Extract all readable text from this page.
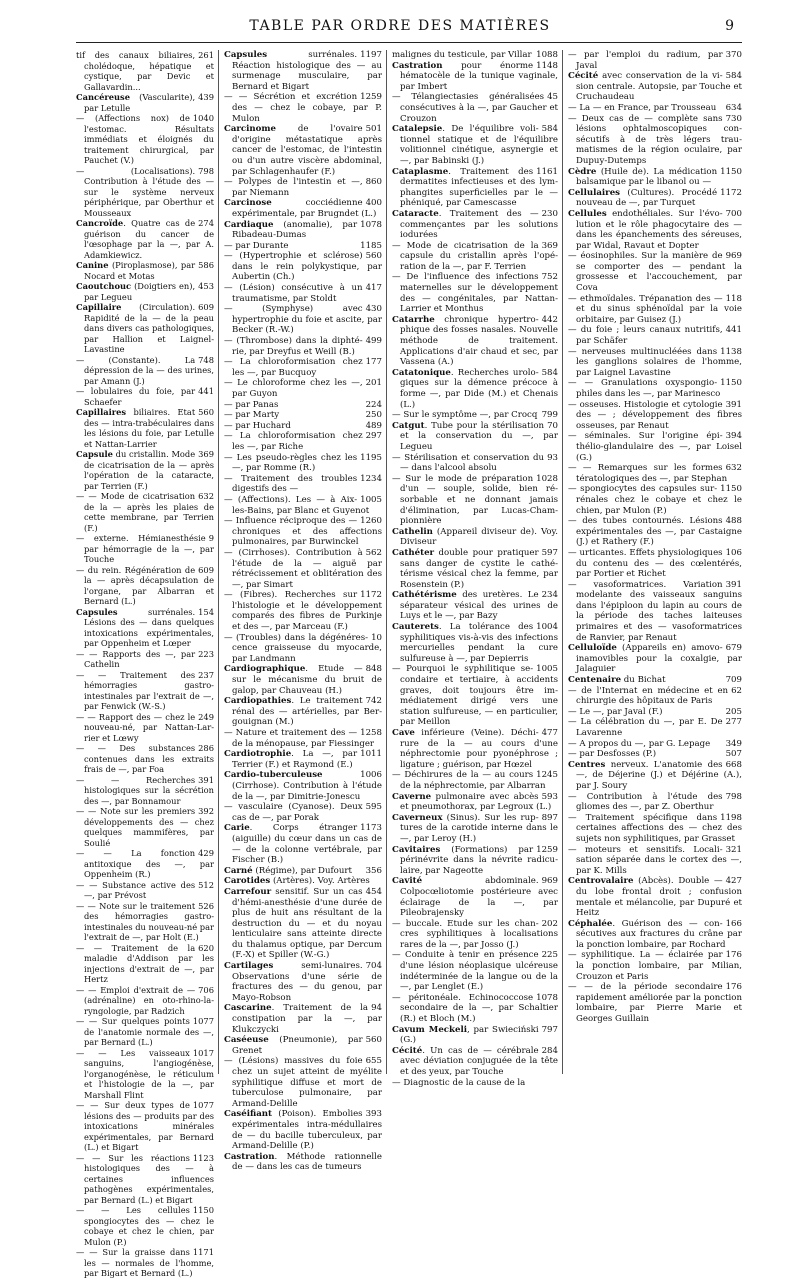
TABLE PAR ORDRE DES MATIÈRES	9
261
tif des canaux biliaires, cholédoque, hépatique et cystique, par Devic et Gallavardin...
439
Cancéreuse (Vascularite), par Letulle
1040
— (Affections nox) de l'estomac. Résultats immédiats et éloignés du traitement chirurgical, par Pauchet (V.)
798
— (Localisations). Contribution à l'étude des — sur le système nerveux périphérique, par Oberthur et Mousseaux
274
Cancroïde. Quatre cas de guérison du cancer de l'œsophage par la —, par A. Adamkiewicz.
586
Canine (Piroplasmose), par Nocard et Motas
453
Caoutchouc (Doigtiers en), par Legueu
609
Capillaire (Circulation). Rapidité de la — de la peau dans divers cas pathologiques, par Hallion et Laignel-Lavastine
748
— (Constante). La dépression de la — des urines, par Amann (J.)
441
— lobulaires du foie, par Schaefer
560
Capillaires biliaires. Etat des — intra-trabéculaires dans les lésions du foie, par Letulle et Nattan-Larrier
369
Capsule du cristallin. Mode de cicatrisation de la — après l'opération de la cataracte, par Terrien (F.)
632
— — Mode de cicatrisation de la — après les plaies de cette membrane, par Terrien (F.)
9
— externe. Hémianesthésie par hémorragie de la —, par Touche
609
— du rein. Régénération de la — après décapsulation de l'organe, par Albarran et Bernard (L.)
154
Capsules surrénales. Lésions des — dans quelques intoxications expérimentales, par Oppenheim et Lœper
223
— — Rapports des —, par Cathelin
237
— — Traitement des hémorragies gastro-intestinales par l'extrait de —, par Fenwick (W.-S.)
249
— — Rapport des — chez le nouveau-né, par Nattan-Larrier et Lœwy
286
— — Des substances contenues dans les extraits frais de —, par Foa
391
— — Recherches histologiques sur la sécrétion des —, par Bonnamour
392
— — Note sur les premiers développements des — chez quelques mammifères, par Soulié
429
— — La fonction antitoxique des —, par Oppenheim (R.)
512
— — Substance active des —, par Prévost
526
— — Note sur le traitement des hémorragies gastro-intestinales du nouveau-né par l'extrait de —, par Holt (E.)
620
— — Traitement de la maladie d'Addison par les injections d'extrait de —, par Hertz
706
— — Emploi d'extrait de — (adrénaline) en oto-rhino-laryngologie, par Radzich
1077
— — Sur quelques points de l'anatomie normale des —, par Bernard (L.)
1017
— — Les vaisseaux sanguins, l'angiogénèse, l'organogénèse, le réticulum et l'histologie de la —, par Marshall Flint
1077
— — Sur deux types de lésions des — produits par des intoxications minérales expérimentales, par Bernard (L.) et Bigart
1123
— — Sur les réactions histologiques des — à certaines influences pathogènes expérimentales, par Bernard (L.) et Bigart
1150
— — Les cellules spongiocytes des — chez le cobaye et chez le chien, par Mulon (P.)
1171
— — Sur la graisse dans les — normales de l'homme, par Bigart et Bernard (L.)
1197
Capsules surrénales. Réaction histologique des — au surmenage musculaire, par Bernard et Bigart
1259
— — Sécrétion et excrétion des — chez le cobaye, par P. Mulon
501
Carcinome de l'ovaire d'origine métastatique après cancer de l'estomac, de l'intestin ou d'un autre viscère abdominal, par Schlagenhaufer (F.)
860
— Polypes de l'intestin et —, par Niemann
400
Carcinose cocciédienne expérimentale, par Brugndet (L.)
1078
Cardiaque (anomalie), par Ribadeau-Dumas
1185
— par Durante
560
— (Hypertrophie et sclérose) dans le rein polykystique, par Aubertin (Ch.)
417
— (Lésion) consécutive à un traumatisme, par Stoldt
430
— (Symphyse) avec hypertrophie du foie et ascite, par Becker (R.-W.)
499
— (Thrombose) dans la diphtérie, par Dreyfus et Weill (B.)
177
— La chloroformisation chez les —, par Bucquoy
201
— Le chloroforme chez les —, par Guyon
224
— par Panas
250
— par Marty
489
— par Huchard
297
— La chloroformisation chez les —, par Riche
1195
— Les pseudo-règles chez les —, par Romme (R.)
1234
— Traitement des troubles digestifs des —
1005
— (Affections). Les — à Aix-les-Bains, par Blanc et Guyenot
1260
— Influence réciproque des — chroniques et des affections pulmonaires, par Burwinckel
562
— (Cirrhoses). Contribution à l'étude de la — aiguë par rétrécissement et oblitération des —, par Simart
1172
— (Fibres). Recherches sur l'histologie et le développement comparés des fibres de Purkinje et des —, par Marceau (F.)
10
— (Troubles) dans la dégénérescence graisseuse du myocarde, par Landmann
848
Cardiographique. Etude — sur le mécanisme du bruit de galop, par Chauveau (H.)
742
Cardiopathies. Le traitement rénal des — artérielles, par Bergouignan (M.)
1258
— Nature et traitement des — de la ménopause, par Fiessinger
1011
Cardiotrophie. La —, par Terrier (F.) et Raymond (E.)
1006
Cardio-tuberculeuse (Cirrhose). Contribution à l'étude de la —, par Dimitrie-Jonescu
595
— vasculaire (Cyanose). Deux cas de —, par Porak
1173
Carie. Corps étranger (aiguille) du cœur dans un cas de — de la colonne vertébrale, par Fischer (B.)
356
Carné (Régime), par Dufourt
Carotides (Artères). Voy. Artères
454
Carrefour sensitif. Sur un cas d'hémi-anesthésie d'une durée de plus de huit ans résultant de la destruction du — et du noyau lenticulaire sans atteinte directe du thalamus optique, par Dercum (F.-X) et Spiller (W.-G.)
704
Cartilages semi-lunaires. Observations d'une série de fractures des — du genou, par Mayo-Robson
94
Cascarine. Traitement de la constipation par la —, par Klukczycki
560
Caséeuse (Pneumonie), par Grenet
655
— (Lésions) massives du foie chez un sujet atteint de myélite syphilitique diffuse et mort de tuberculose pulmonaire, par Armand-Delille
393
Caséifiant (Poison). Embolies expérimentales intra-médullaires de — du bacille tuberculeux, par Armand-Delille (P.)
Castration. Méthode rationnelle de — dans les cas de tumeurs
1088
malignes du testicule, par Villar
1148
Castration pour énorme hématocèle de la tunique vaginale, par Imbert
45
— Télangiectasies généralisées consécutives à la —, par Gaucher et Crouzon
584
Catalepsie. De l'équilibre volitionnel statique et de l'équilibre volitionnel cinétique, asynergie et —, par Babinski (J.)
1161
Cataplasme. Traitement des dermatites infectieuses et des lymphangites superficielles par le — phéniqué, par Camescasse
230
Cataracte. Traitement des — commençantes par les solutions iodurées
369
— Mode de cicatrisation de la capsule du cristallin après l'opération de la —, par F. Terrien
752
— De l'influence des infections maternelles sur le développement des — congénitales, par Nattan-Larrier et Monthus
442
Catarrhe chronique hypertrophique des fosses nasales. Nouvelle méthode de traitement. Applications d'air chaud et sec, par Vassena (A.)
584
Catatonique. Recherches urologiques sur la démence précoce à forme —, par Dide (M.) et Chenais (L.)
799
— Sur le symptôme —, par Crocq
70
Catgut. Tube pour la stérilisation et la conservation du —, par Legueu
93
— Stérilisation et conservation du — dans l'alcool absolu
1028
— Sur le mode de préparation d'un — souple, solide, bien résorbable et ne donnant jamais d'élimination, par Lucas-Championnière
Cathelin (Appareil diviseur de). Voy. Diviseur
597
Cathéter double pour pratiquer sans danger de cystite le cathétérisme vésical chez la femme, par Rosenstein (P.)
234
Cathétérisme des uretères. Le séparateur vésical des urines de Luys et le —, par Bazy
1004
Cauterets. La tolérance des syphilitiques vis-à-vis des infections mercurielles pendant la cure sulfureuse à —, par Depierris
1005
— Pourquoi le syphilitique secondaire et tertiaire, à accidents graves, doit toujours être immédiatement dirigé vers une station sulfureuse, — en particulier, par Meillon
477
Cave inférieure (Veine). Déchirure de la — au cours d'une néphrectomie pour pyonéphrose ; ligature ; guérison, par Hœzel
1245
— Déchirures de la — au cours de la néphrectomie, par Albarran
593
Caverne pulmonaire avec abcès et pneumothorax, par Legroux (L.)
897
Caverneux (Sinus). Sur les ruptures de la carotide interne dans le —, par Leroy (H.)
1259
Cavitaires (Formations) par périnévrite dans la névrite radiculaire, par Nageotte
969
Cavité abdominale. Colpocœliotomie postérieure avec éclairage de la —, par Pileobrajensky
202
— buccale. Etude sur les chancres syphilitiques à localisations rares de la —, par Josso (J.)
225
— Conduite à tenir en présence d'une lésion néoplasique ulcéreuse indéterminée de la langue ou de la —, par Lenglet (E.)
1078
— péritonéale. Echinococcose secondaire de la —, par Schaltier (R.) et Bloch (M.)
797
Cavum Meckeli, par Swieciński (G.)
284
Cécité. Un cas de — cérébrale avec déviation conjuguée de la tête et des yeux, par Touche
— Diagnostic de la cause de la
370
— par l'emploi du radium, par Javal
584
Cécité avec conservation de la vision centrale. Autopsie, par Touche et Cruchaudeau
634
— La — en France, par Trousseau
730
— Deux cas de — complète sans lésions ophtalmoscopiques consécutifs à de très légers traumatismes de la région oculaire, par Dupuy-Dutemps
1150
Cèdre (Huile de). La médication balsamique par le libanol ou —
1172
Cellulaires (Cultures). Procédé nouveau de —, par Turquet
700
Cellules endothéliales. Sur l'évolution et le rôle phagocytaire des — dans les épanchements des séreuses, par Widal, Ravaut et Dopter
969
— éosinophiles. Sur la manière de se comporter des — pendant la grossesse et l'accouchement, par Cova
118
— ethmoïdales. Trépanation des — et du sinus sphénoïdal par la voie orbitaire, par Guisez (J.)
441
— du foie ; leurs canaux nutritifs, par Schäfer
1138
— nerveuses multinucléées dans les ganglions solaires de l'homme, par Laignel Lavastine
1150
— — Granulations oxyspongiophiles dans les —, par Marinesco
391
— osseuses. Histologie et cytologie des — ; développement des fibres osseuses, par Renaut
394
— séminales. Sur l'origine épithélio-glandulaire des —, par Loisel (G.)
632
— — Remarques sur les formes tératologiques des —, par Stephan
1150
— spongiocytes des capsules surrénales chez le cobaye et chez le chien, par Mulon (P.)
488
— des tubes contournés. Lésions expérimentales des —, par Castaigne (J.) et Rathery (F.)
106
— urticantes. Effets physiologiques du contenu des — des cœlentérés, par Portier et Richet
391
— vasoformatrices. Variation modelante des vaisseaux sanguins dans l'épiploon du lapin au cours de la période des taches laiteuses primaires et des — vasoformatrices de Ranvier, par Renaut
679
Celluloïde (Appareils en) amovoinamovibles pour la coxalgie, par Jalaguier
709
Centenaire du Bichat
62
— de l'Internat en médecine et en chirurgie des hôpitaux de Paris
205
— Le —, par Javal (F.)
277
— La célébration du —, par E. De Lavarenne
349
— A propos du —, par G. Lepage
507
— par Desfosses (P.)
668
Centres nerveux. L'anatomie des —, de Déjerine (J.) et Déjérine (A.), par J. Soury
798
— Contribution à l'étude des gliomes des —, par Z. Oberthur
1198
— Traitement spécifique dans certaines affections des — chez des sujets non syphilitiques, par Grasset
321
— moteurs et sensitifs. Localisation séparée dans le cortex des —, par K. Mills
427
Centrovalaire (Abcès). Double — du lobe frontal droit ; confusion mentale et mélancolie, par Dupuré et Heitz
166
Céphalée. Guérison des — consécutives aux fractures du crâne par la ponction lombaire, par Rochard
176
— syphilitique. La — éclairée par la ponction lombaire, par Milian, Crouzon et Paris
176
— — de la période secondaire rapidement améliorée par la ponction lombaire, par Pierre Marie et Georges Guillain
